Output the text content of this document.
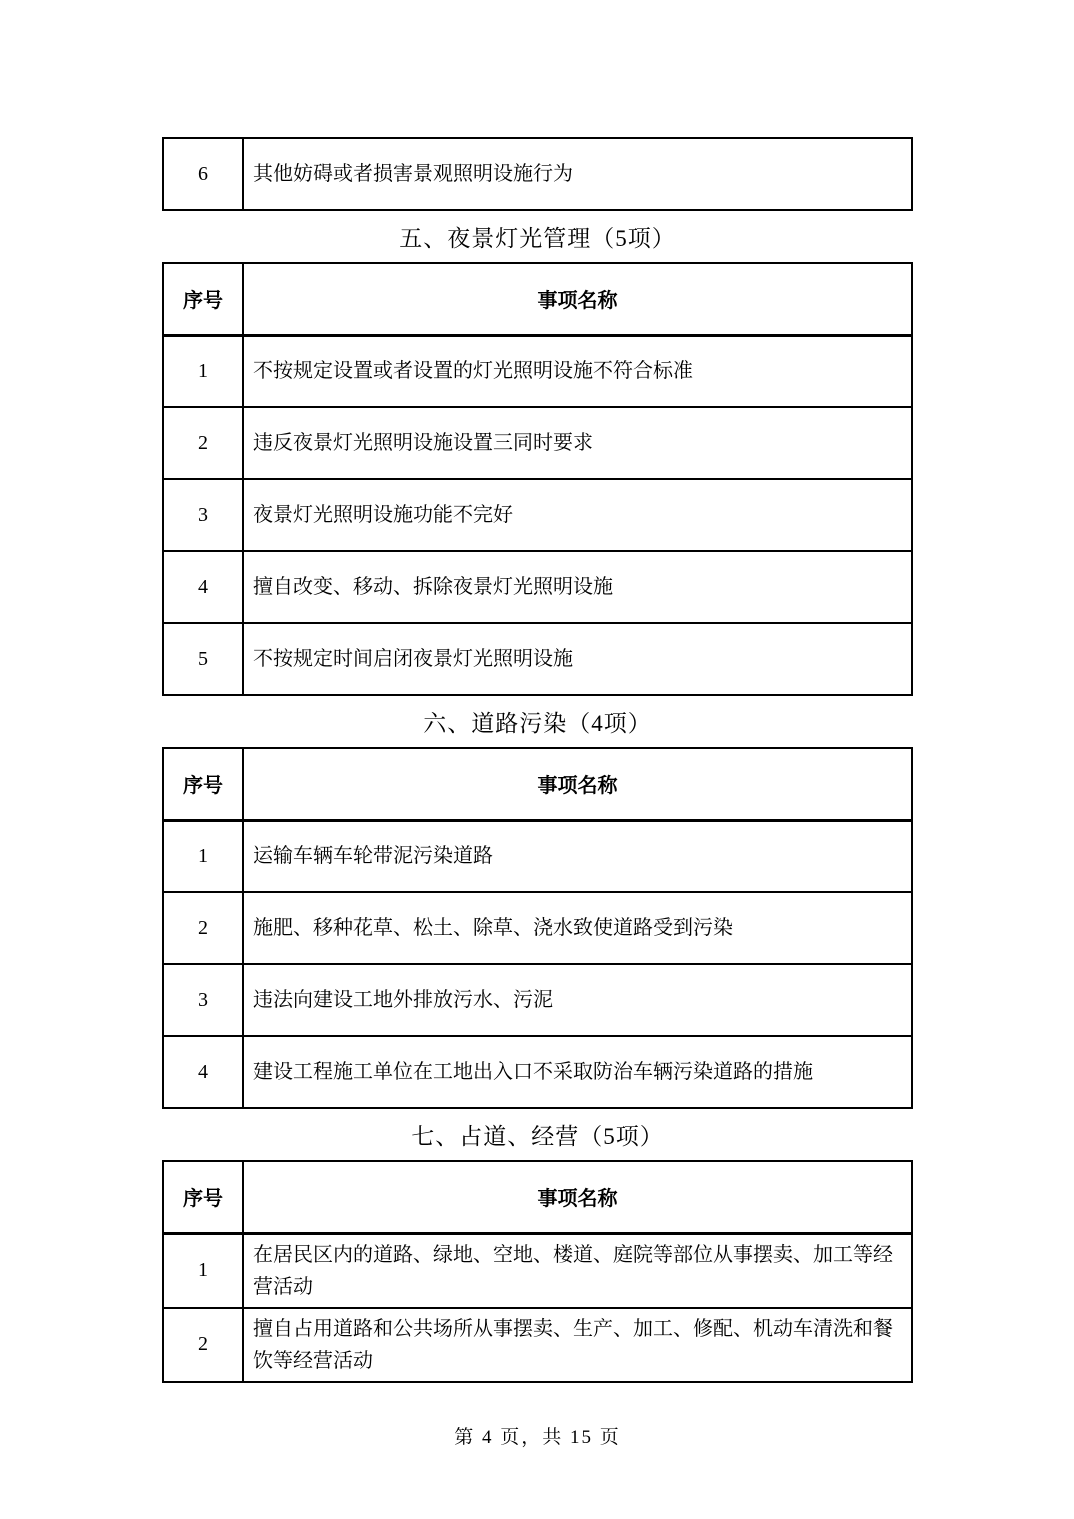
6	其他妨碍或者损害景观照明设施行为
五、夜景灯光管理（5项）
序号	事项名称
1	不按规定设置或者设置的灯光照明设施不符合标准
2	违反夜景灯光照明设施设置三同时要求
3	夜景灯光照明设施功能不完好
4	擅自改变、移动、拆除夜景灯光照明设施
5	不按规定时间启闭夜景灯光照明设施
六、道路污染（4项）
序号	事项名称
1	运输车辆车轮带泥污染道路
2	施肥、移种花草、松土、除草、浇水致使道路受到污染
3	违法向建设工地外排放污水、污泥
4	建设工程施工单位在工地出入口不采取防治车辆污染道路的措施
七、占道、经营（5项）
序号	事项名称
1	在居民区内的道路、绿地、空地、楼道、庭院等部位从事摆卖、加工等经营活动
2	擅自占用道路和公共场所从事摆卖、生产、加工、修配、机动车清洗和餐饮等经营活动
第 4 页，共 15 页
